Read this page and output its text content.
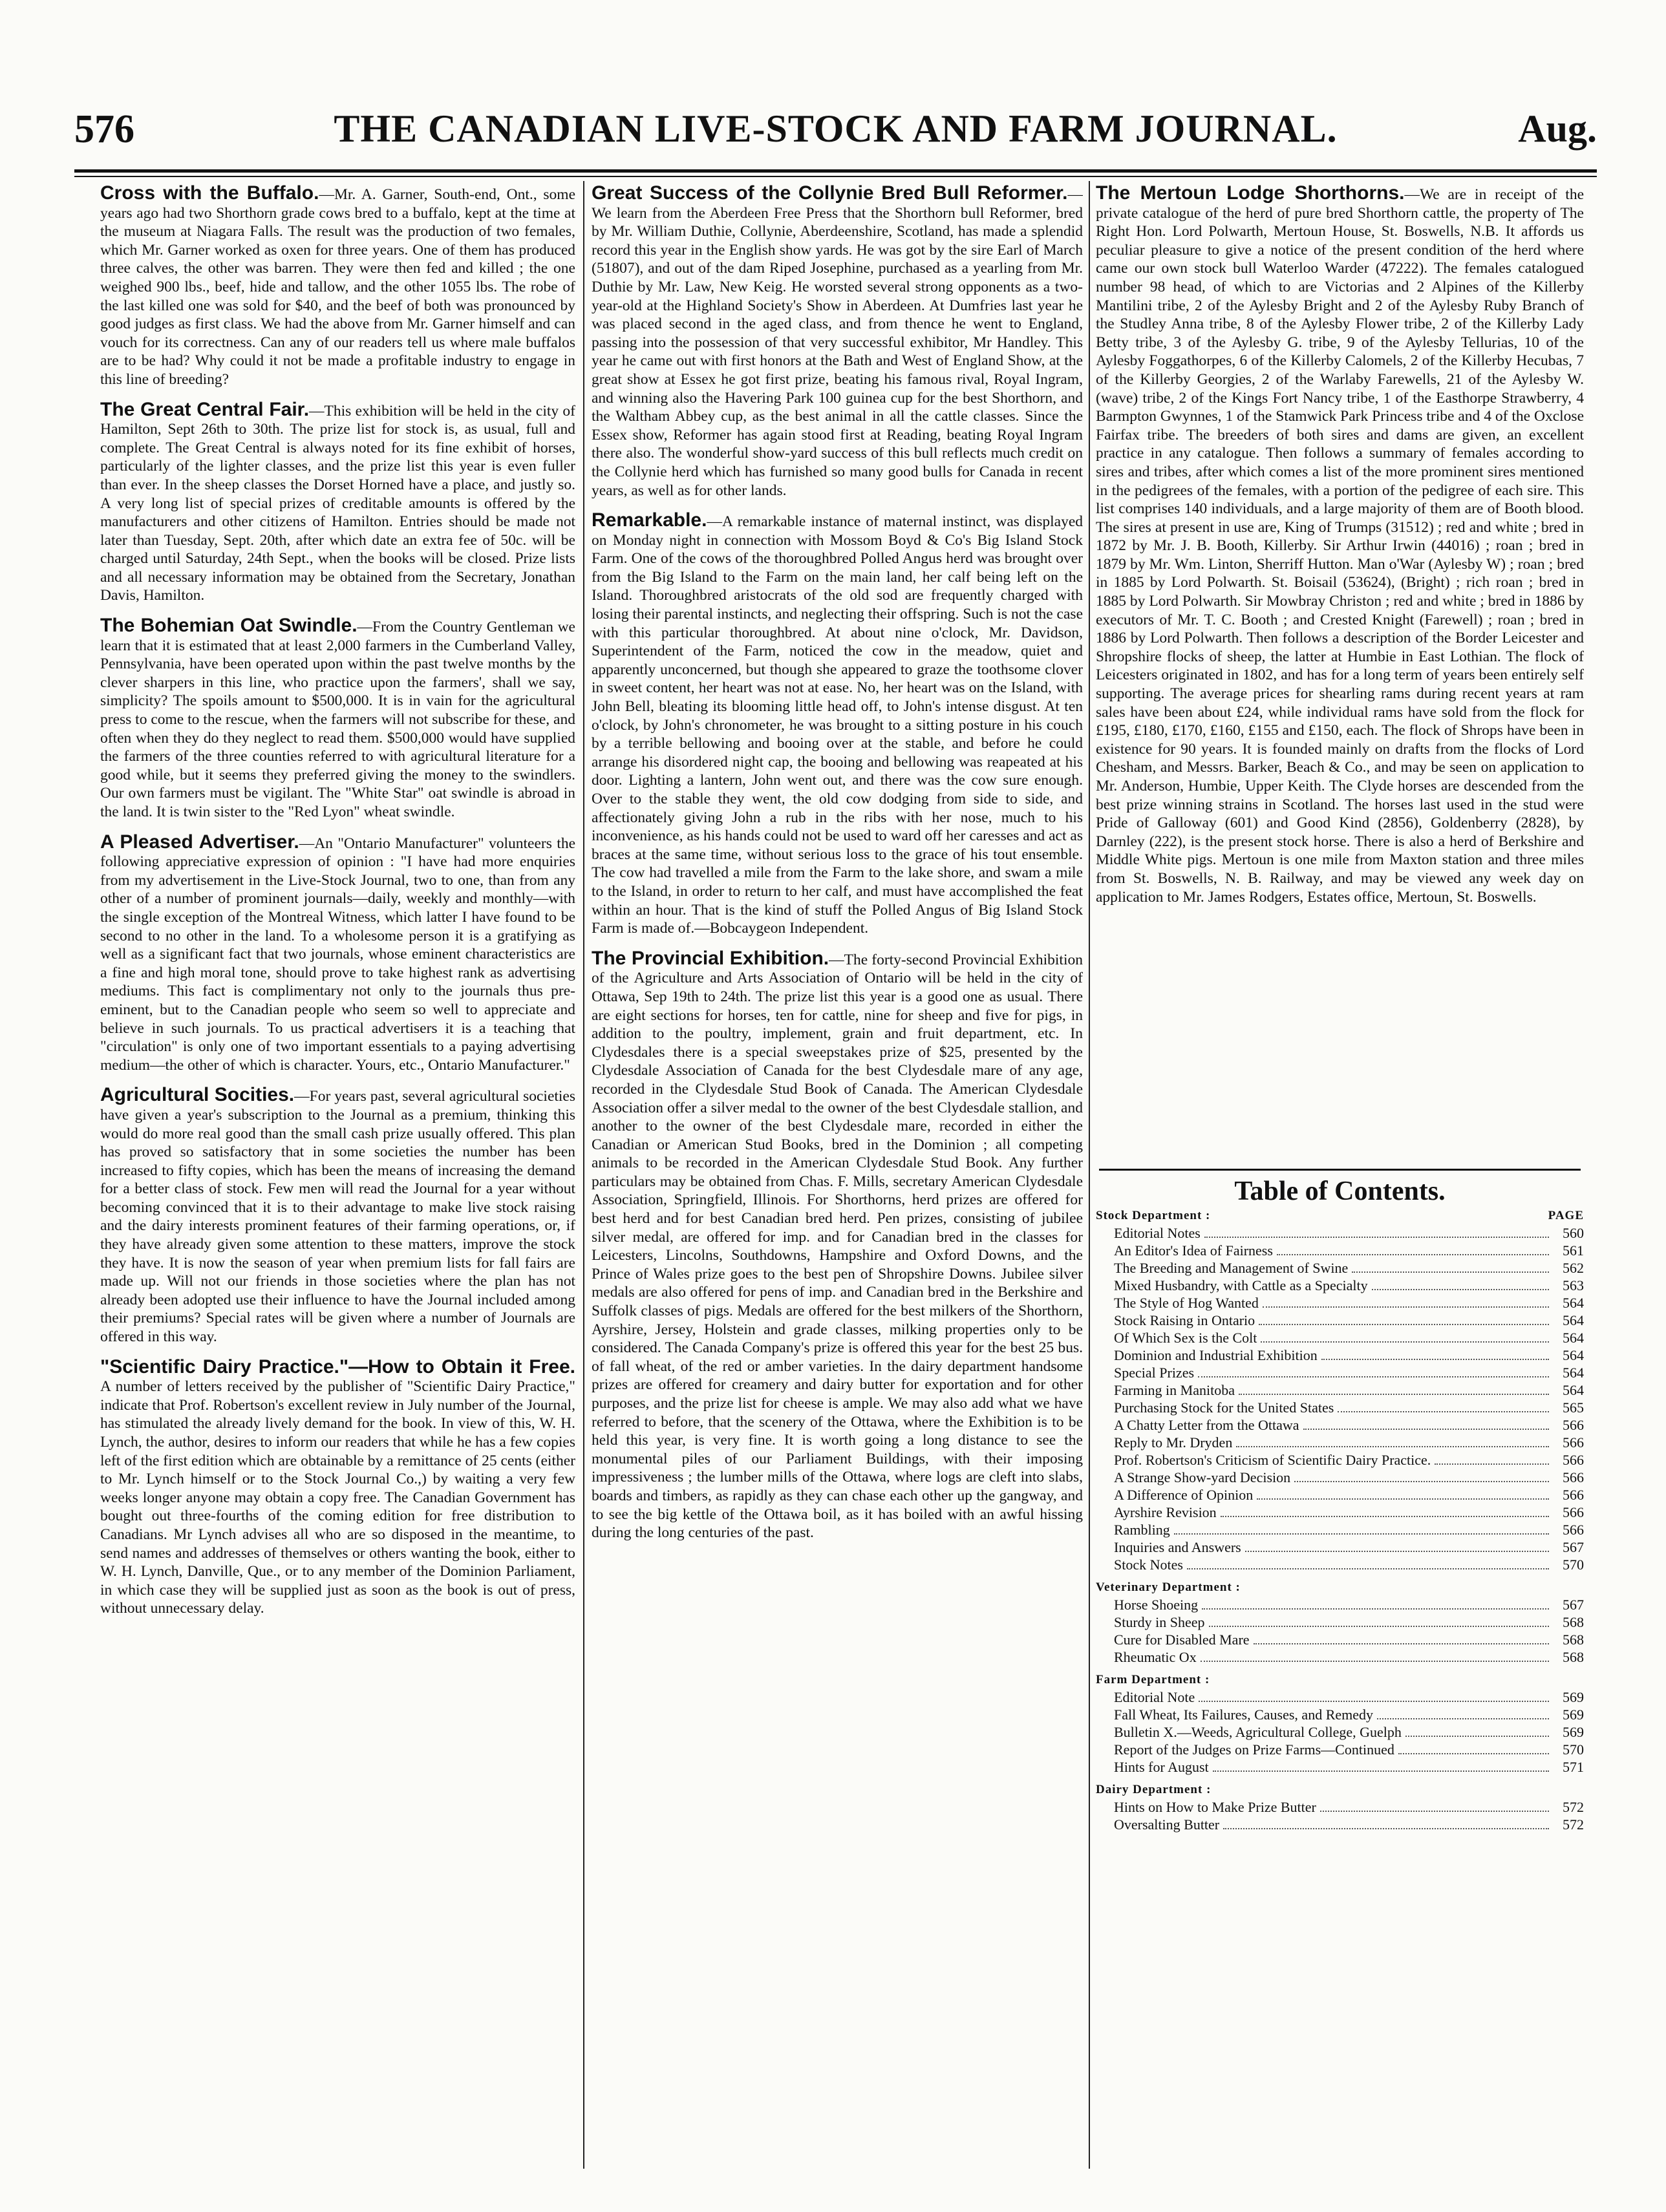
576	THE CANADIAN LIVE-STOCK AND FARM JOURNAL.	Aug.

Cross with the Buffalo.—Mr. A. Garner, South-end, Ont., some years ago had two Shorthorn grade cows bred to a buffalo, kept at the time at the museum at Niagara Falls. The result was the production of two females, which Mr. Garner worked as oxen for three years. One of them has produced three calves, the other was barren. They were then fed and killed ; the one weighed 900 lbs., beef, hide and tallow, and the other 1055 lbs. The robe of the last killed one was sold for $40, and the beef of both was pronounced by good judges as first class. We had the above from Mr. Garner himself and can vouch for its correctness. Can any of our readers tell us where male buffalos are to be had? Why could it not be made a profitable industry to engage in this line of breeding?

The Great Central Fair.—This exhibition will be held in the city of Hamilton, Sept 26th to 30th. The prize list for stock is, as usual, full and complete. The Great Central is always noted for its fine exhibit of horses, particularly of the lighter classes, and the prize list this year is even fuller than ever. In the sheep classes the Dorset Horned have a place, and justly so. A very long list of special prizes of creditable amounts is offered by the manufacturers and other citizens of Hamilton. Entries should be made not later than Tuesday, Sept. 20th, after which date an extra fee of 50c. will be charged until Saturday, 24th Sept., when the books will be closed. Prize lists and all necessary information may be obtained from the Secretary, Jonathan Davis, Hamilton.

The Bohemian Oat Swindle.—From the Country Gentleman we learn that it is estimated that at least 2,000 farmers in the Cumberland Valley, Pennsylvania, have been operated upon within the past twelve months by the clever sharpers in this line, who practice upon the farmers', shall we say, simplicity? The spoils amount to $500,000. It is in vain for the agricultural press to come to the rescue, when the farmers will not subscribe for these, and often when they do they neglect to read them. $500,000 would have supplied the farmers of the three counties referred to with agricultural literature for a good while, but it seems they preferred giving the money to the swindlers. Our own farmers must be vigilant. The "White Star" oat swindle is abroad in the land. It is twin sister to the "Red Lyon" wheat swindle.

A Pleased Advertiser.—An "Ontario Manufacturer" volunteers the following appreciative expression of opinion : "I have had more enquiries from my advertisement in the Live-Stock Journal, two to one, than from any other of a number of prominent journals—daily, weekly and monthly—with the single exception of the Montreal Witness, which latter I have found to be second to no other in the land. To a wholesome person it is a gratifying as well as a significant fact that two journals, whose eminent characteristics are a fine and high moral tone, should prove to take highest rank as advertising mediums. This fact is complimentary not only to the journals thus pre-eminent, but to the Canadian people who seem so well to appreciate and believe in such journals. To us practical advertisers it is a teaching that "circulation" is only one of two important essentials to a paying advertising medium—the other of which is character. Yours, etc., Ontario Manufacturer."

Agricultural Socities.—For years past, several agricultural societies have given a year's subscription to the Journal as a premium, thinking this would do more real good than the small cash prize usually offered. This plan has proved so satisfactory that in some societies the number has been increased to fifty copies, which has been the means of increasing the demand for a better class of stock. Few men will read the Journal for a year without becoming convinced that it is to their advantage to make live stock raising and the dairy interests prominent features of their farming operations, or, if they have already given some attention to these matters, improve the stock they have. It is now the season of year when premium lists for fall fairs are made up. Will not our friends in those societies where the plan has not already been adopted use their influence to have the Journal included among their premiums? Special rates will be given where a number of Journals are offered in this way.

"Scientific Dairy Practice."—How to Obtain it Free. A number of letters received by the publisher of "Scientific Dairy Practice," indicate that Prof. Robertson's excellent review in July number of the Journal, has stimulated the already lively demand for the book. In view of this, W. H. Lynch, the author, desires to inform our readers that while he has a few copies left of the first edition which are obtainable by a remittance of 25 cents (either to Mr. Lynch himself or to the Stock Journal Co.,) by waiting a very few weeks longer anyone may obtain a copy free. The Canadian Government has bought out three-fourths of the coming edition for free distribution to Canadians. Mr Lynch advises all who are so disposed in the meantime, to send names and addresses of themselves or others wanting the book, either to W. H. Lynch, Danville, Que., or to any member of the Dominion Parliament, in which case they will be supplied just as soon as the book is out of press, without unnecessary delay.

Great Success of the Collynie Bred Bull Reformer.—We learn from the Aberdeen Free Press that the Shorthorn bull Reformer, bred by Mr. William Duthie, Collynie, Aberdeenshire, Scotland, has made a splendid record this year in the English show yards. He was got by the sire Earl of March (51807), and out of the dam Riped Josephine, purchased as a yearling from Mr. Duthie by Mr. Law, New Keig. He worsted several strong opponents as a two-year-old at the Highland Society's Show in Aberdeen. At Dumfries last year he was placed second in the aged class, and from thence he went to England, passing into the possession of that very successful exhibitor, Mr Handley. This year he came out with first honors at the Bath and West of England Show, at the great show at Essex he got first prize, beating his famous rival, Royal Ingram, and winning also the Havering Park 100 guinea cup for the best Shorthorn, and the Waltham Abbey cup, as the best animal in all the cattle classes. Since the Essex show, Reformer has again stood first at Reading, beating Royal Ingram there also. The wonderful show-yard success of this bull reflects much credit on the Collynie herd which has furnished so many good bulls for Canada in recent years, as well as for other lands.

Remarkable.—A remarkable instance of maternal instinct, was displayed on Monday night in connection with Mossom Boyd & Co's Big Island Stock Farm. One of the cows of the thoroughbred Polled Angus herd was brought over from the Big Island to the Farm on the main land, her calf being left on the Island. Thoroughbred aristocrats of the old sod are frequently charged with losing their parental instincts, and neglecting their offspring. Such is not the case with this particular thoroughbred. At about nine o'clock, Mr. Davidson, Superintendent of the Farm, noticed the cow in the meadow, quiet and apparently unconcerned, but though she appeared to graze the toothsome clover in sweet content, her heart was not at ease. No, her heart was on the Island, with John Bell, bleating its blooming little head off, to John's intense disgust. At ten o'clock, by John's chronometer, he was brought to a sitting posture in his couch by a terrible bellowing and booing over at the stable, and before he could arrange his disordered night cap, the booing and bellowing was reapeated at his door. Lighting a lantern, John went out, and there was the cow sure enough. Over to the stable they went, the old cow dodging from side to side, and affectionately giving John a rub in the ribs with her nose, much to his inconvenience, as his hands could not be used to ward off her caresses and act as braces at the same time, without serious loss to the grace of his tout ensemble. The cow had travelled a mile from the Farm to the lake shore, and swam a mile to the Island, in order to return to her calf, and must have accomplished the feat within an hour. That is the kind of stuff the Polled Angus of Big Island Stock Farm is made of.—Bobcaygeon Independent.

The Provincial Exhibition.—The forty-second Provincial Exhibition of the Agriculture and Arts Association of Ontario will be held in the city of Ottawa, Sep 19th to 24th. The prize list this year is a good one as usual. There are eight sections for horses, ten for cattle, nine for sheep and five for pigs, in addition to the poultry, implement, grain and fruit department, etc. In Clydesdales there is a special sweepstakes prize of $25, presented by the Clydesdale Association of Canada for the best Clydesdale mare of any age, recorded in the Clydesdale Stud Book of Canada. The American Clydesdale Association offer a silver medal to the owner of the best Clydesdale stallion, and another to the owner of the best Clydesdale mare, recorded in either the Canadian or American Stud Books, bred in the Dominion ; all competing animals to be recorded in the American Clydesdale Stud Book. Any further particulars may be obtained from Chas. F. Mills, secretary American Clydesdale Association, Springfield, Illinois. For Shorthorns, herd prizes are offered for best herd and for best Canadian bred herd. Pen prizes, consisting of jubilee silver medal, are offered for imp. and for Canadian bred in the classes for Leicesters, Lincolns, Southdowns, Hampshire and Oxford Downs, and the Prince of Wales prize goes to the best pen of Shropshire Downs. Jubilee silver medals are also offered for pens of imp. and Canadian bred in the Berkshire and Suffolk classes of pigs. Medals are offered for the best milkers of the Shorthorn, Ayrshire, Jersey, Holstein and grade classes, milking properties only to be considered. The Canada Company's prize is offered this year for the best 25 bus. of fall wheat, of the red or amber varieties. In the dairy department handsome prizes are offered for creamery and dairy butter for exportation and for other purposes, and the prize list for cheese is ample. We may also add what we have referred to before, that the scenery of the Ottawa, where the Exhibition is to be held this year, is very fine. It is worth going a long distance to see the monumental piles of our Parliament Buildings, with their imposing impressiveness ; the lumber mills of the Ottawa, where logs are cleft into slabs, boards and timbers, as rapidly as they can chase each other up the gangway, and to see the big kettle of the Ottawa boil, as it has boiled with an awful hissing during the long centuries of the past.

The Mertoun Lodge Shorthorns.—We are in receipt of the private catalogue of the herd of pure bred Shorthorn cattle, the property of The Right Hon. Lord Polwarth, Mertoun House, St. Boswells, N.B. It affords us peculiar pleasure to give a notice of the present condition of the herd where came our own stock bull Waterloo Warder (47222). The females catalogued number 98 head, of which to are Victorias and 2 Alpines of the Killerby Mantilini tribe, 2 of the Aylesby Bright and 2 of the Aylesby Ruby Branch of the Studley Anna tribe, 8 of the Aylesby Flower tribe, 2 of the Killerby Lady Betty tribe, 3 of the Aylesby G. tribe, 9 of the Aylesby Tellurias, 10 of the Aylesby Foggathorpes, 6 of the Killerby Calomels, 2 of the Killerby Hecubas, 7 of the Killerby Georgies, 2 of the Warlaby Farewells, 21 of the Aylesby W. (wave) tribe, 2 of the Kings Fort Nancy tribe, 1 of the Easthorpe Strawberry, 4 Barmpton Gwynnes, 1 of the Stamwick Park Princess tribe and 4 of the Oxclose Fairfax tribe. The breeders of both sires and dams are given, an excellent practice in any catalogue. Then follows a summary of females according to sires and tribes, after which comes a list of the more prominent sires mentioned in the pedigrees of the females, with a portion of the pedigree of each sire. This list comprises 140 individuals, and a large majority of them are of Booth blood. The sires at present in use are, King of Trumps (31512) ; red and white ; bred in 1872 by Mr. J. B. Booth, Killerby. Sir Arthur Irwin (44016) ; roan ; bred in 1879 by Mr. Wm. Linton, Sherriff Hutton. Man o'War (Aylesby W) ; roan ; bred in 1885 by Lord Polwarth. St. Boisail (53624), (Bright) ; rich roan ; bred in 1885 by Lord Polwarth. Sir Mowbray Christon ; red and white ; bred in 1886 by executors of Mr. T. C. Booth ; and Crested Knight (Farewell) ; roan ; bred in 1886 by Lord Polwarth. Then follows a description of the Border Leicester and Shropshire flocks of sheep, the latter at Humbie in East Lothian. The flock of Leicesters originated in 1802, and has for a long term of years been entirely self supporting. The average prices for shearling rams during recent years at ram sales have been about £24, while individual rams have sold from the flock for £195, £180, £170, £160, £155 and £150, each. The flock of Shrops have been in existence for 90 years. It is founded mainly on drafts from the flocks of Lord Chesham, and Messrs. Barker, Beach & Co., and may be seen on application to Mr. Anderson, Humbie, Upper Keith. The Clyde horses are descended from the best prize winning strains in Scotland. The horses last used in the stud were Pride of Galloway (601) and Good Kind (2856), Goldenberry (2828), by Darnley (222), is the present stock horse. There is also a herd of Berkshire and Middle White pigs. Mertoun is one mile from Maxton station and three miles from St. Boswells, N. B. Railway, and may be viewed any week day on application to Mr. James Rodgers, Estates office, Mertoun, St. Boswells.

Table of Contents.
Stock Department :	PAGE
Editorial Notes	560
An Editor's Idea of Fairness	561
The Breeding and Management of Swine	562
Mixed Husbandry, with Cattle as a Specialty	563
The Style of Hog Wanted	564
Stock Raising in Ontario	564
Of Which Sex is the Colt	564
Dominion and Industrial Exhibition	564
Special Prizes	564
Farming in Manitoba	564
Purchasing Stock for the United States	565
A Chatty Letter from the Ottawa	566
Reply to Mr. Dryden	566
Prof. Robertson's Criticism of Scientific Dairy Practice.	566
A Strange Show-yard Decision	566
A Difference of Opinion	566
Ayrshire Revision	566
Rambling	566
Inquiries and Answers	567
Stock Notes	570
Veterinary Department :
Horse Shoeing	567
Sturdy in Sheep	568
Cure for Disabled Mare	568
Rheumatic Ox	568
Farm Department :
Editorial Note	569
Fall Wheat, Its Failures, Causes, and Remedy	569
Bulletin X.—Weeds, Agricultural College, Guelph	569
Report of the Judges on Prize Farms—Continued	570
Hints for August	571
Dairy Department :
Hints on How to Make Prize Butter	572
Oversalting Butter	572
